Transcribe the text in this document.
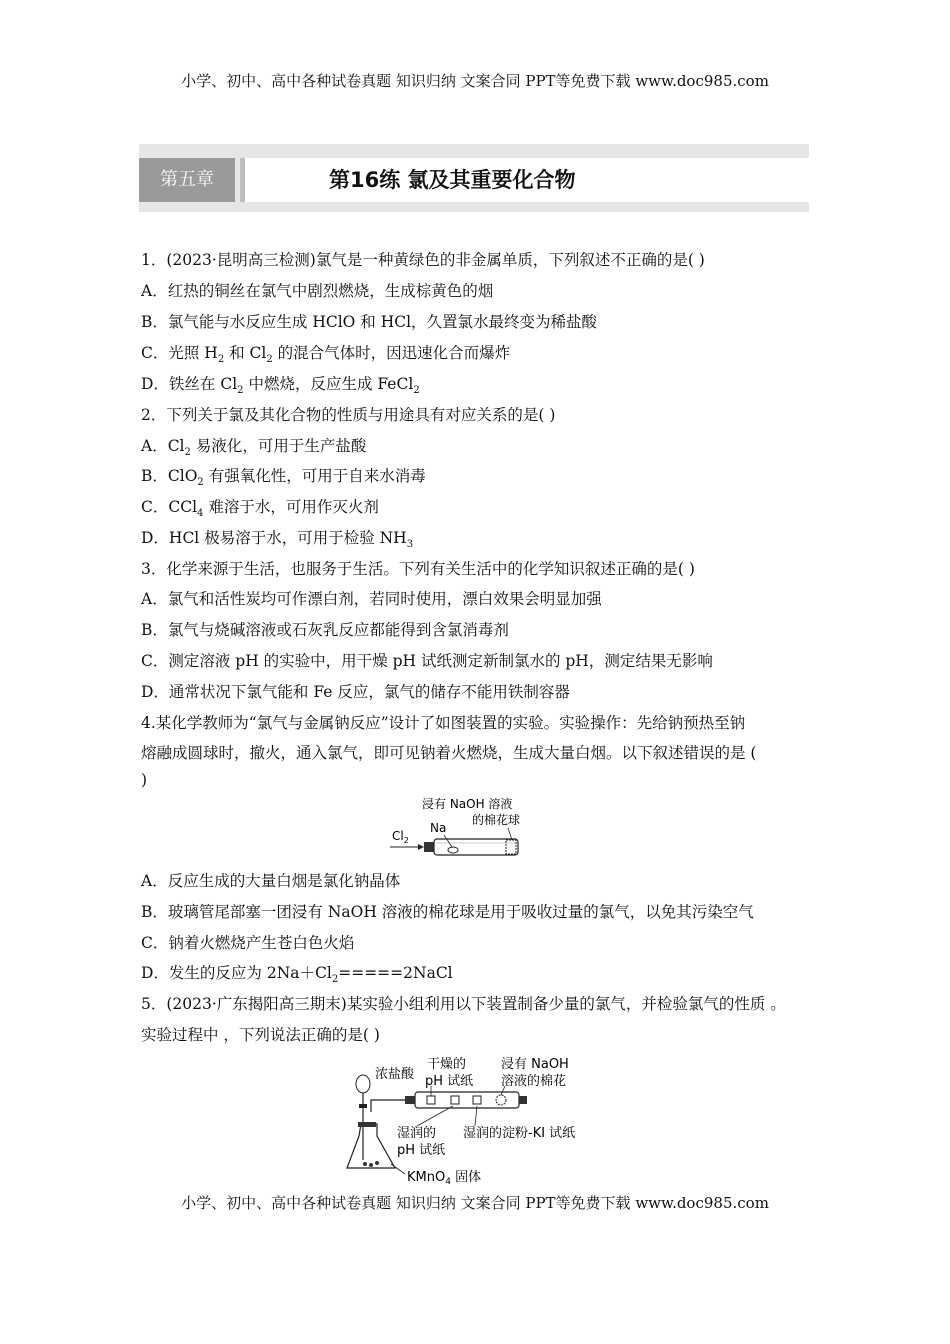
小学、初中、高中各种试卷真题 知识归纳 文案合同 PPT等免费下载 www.doc985.com
第五章	第16练 氯及其重要化合物
1．(2023·昆明高三检测)氯气是一种黄绿色的非金属单质，下列叙述不正确的是( )
A．红热的铜丝在氯气中剧烈燃烧，生成棕黄色的烟
B．氯气能与水反应生成 HClO 和 HCl，久置氯水最终变为稀盐酸
C．光照 $H_2$ 和 $Cl_2$ 的混合气体时，因迅速化合而爆炸
D．铁丝在 $Cl_2$ 中燃烧，反应生成 FeCl$_2$
2．下列关于氯及其化合物的性质与用途具有对应关系的是( )
A．$Cl_2$ 易液化，可用于生产盐酸
B．ClO$_2$ 有强氧化性，可用于自来水消毒
C．CCl$_4$ 难溶于水，可用作灭火剂
D．HCl 极易溶于水，可用于检验 $NH_3$
3．化学来源于生活，也服务于生活。下列有关生活中的化学知识叙述正确的是( )
A．氯气和活性炭均可作漂白剂，若同时使用，漂白效果会明显加强
B．氯气与烧碱溶液或石灰乳反应都能得到含氯消毒剂
C．测定溶液 pH 的实验中，用干燥 pH 试纸测定新制氯水的 pH，测定结果无影响
D．通常状况下氯气能和 Fe 反应，氯气的储存不能用铁制容器
4.某化学教师为“氯气与金属钠反应”设计了如图装置的实验。实验操作：先给钠预热至钠
熔融成圆球时，撤火，通入氯气，即可见钠着火燃烧，生成大量白烟。以下叙述错误的是 (
)
浸有 NaOH 溶液
的棉花球
Na
$Cl_2$
A．反应生成的大量白烟是氯化钠晶体
B．玻璃管尾部塞一团浸有 NaOH 溶液的棉花球是用于吸收过量的氯气，以免其污染空气
C．钠着火燃烧产生苍白色火焰
D．发生的反应为 $2Na+Cl_2=====2NaCl$
5．(2023·广东揭阳高三期末)某实验小组利用以下装置制备少量的氯气，并检验氯气的性质 。
实验过程中 ，下列说法正确的是( )
浓盐酸
干燥的
pH 试纸
浸有 NaOH
溶液的棉花
湿润的
pH 试纸
湿润的淀粉-KI 试纸
KMnO$_4$ 固体
小学、初中、高中各种试卷真题 知识归纳 文案合同 PPT等免费下载 www.doc985.com
